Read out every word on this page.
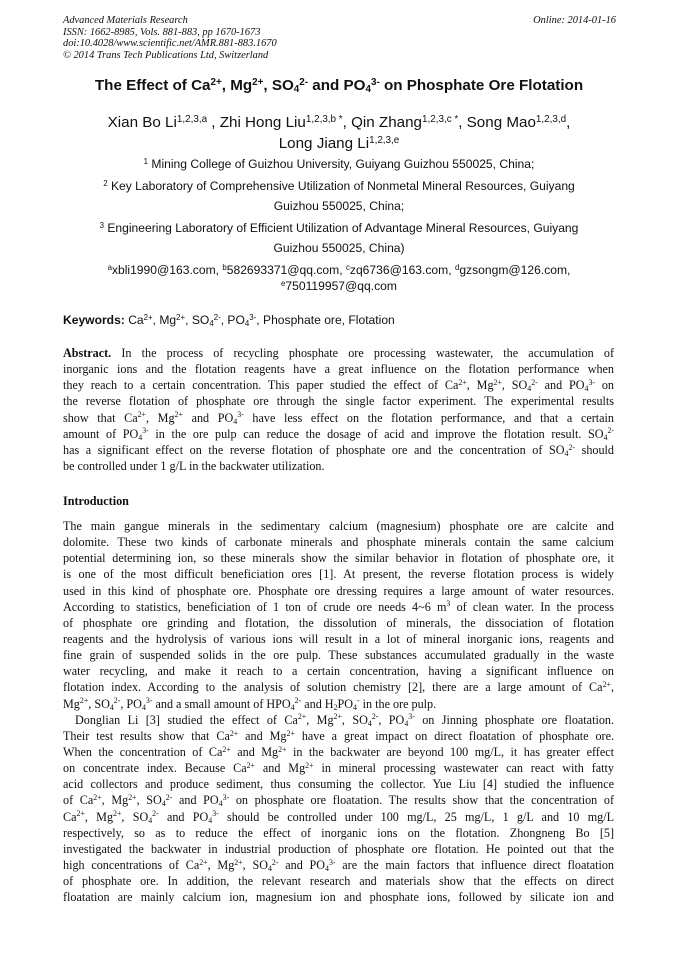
Advanced Materials Research
ISSN: 1662-8985, Vols. 881-883, pp 1670-1673
doi:10.4028/www.scientific.net/AMR.881-883.1670
© 2014 Trans Tech Publications Ltd, Switzerland
Online: 2014-01-16
The Effect of $Ca^{2+}$, $Mg^{2+}$, $SO_4^{2-}$ and $PO_4^{3-}$ on Phosphate Ore Flotation
Xian Bo Li$^{1,2,3,a}$ , Zhi Hong Liu$^{1,2,3,b *}$, Qin Zhang$^{1,2,3,c *}$, Song Mao$^{1,2,3,d}$,
Long Jiang Li$^{1,2,3,e}$
$^1$ Mining College of Guizhou University, Guiyang Guizhou 550025, China;
$^2$ Key Laboratory of Comprehensive Utilization of Nonmetal Mineral Resources, Guiyang
Guizhou 550025, China;
$^3$ Engineering Laboratory of Efficient Utilization of Advantage Mineral Resources, Guiyang
Guizhou 550025, China)
$^a$xbli1990@163.com, $^b$582693371@qq.com, $^c$zq6736@163.com, $^d$gzsongm@126.com,
$^e$750119957@qq.com
Keywords: $Ca^{2+}$, $Mg^{2+}$, $SO_4^{2-}$, $PO_4^{3-}$, Phosphate ore, Flotation
Abstract. In the process of recycling phosphate ore processing wastewater, the accumulation of
inorganic ions and the flotation reagents have a great influence on the flotation performance when
they reach to a certain concentration. This paper studied the effect of $Ca^{2+}$, $Mg^{2+}$, $SO_4^{2-}$ and $PO_4^{3-}$ on
the reverse flotation of phosphate ore through the single factor experiment. The experimental results
show that $Ca^{2+}$, $Mg^{2+}$ and $PO_4^{3-}$ have less effect on the flotation performance, and that a certain
amount of $PO_4^{3-}$ in the ore pulp can reduce the dosage of acid and improve the flotation result. $SO_4^{2-}$
has a significant effect on the reverse flotation of phosphate ore and the concentration of $SO_4^{2-}$ should
be controlled under 1 g/L in the backwater utilization.
Introduction
The main gangue minerals in the sedimentary calcium (magnesium) phosphate ore are calcite and
dolomite. These two kinds of carbonate minerals and phosphate minerals contain the same calcium
potential determining ion, so these minerals show the similar behavior in flotation of phosphate ore, it
is one of the most difficult beneficiation ores [1]. At present, the reverse flotation process is widely
used in this kind of phosphate ore. Phosphate ore dressing requires a large amount of water resources.
According to statistics, beneficiation of 1 ton of crude ore needs 4~6 $m^3$ of clean water. In the process
of phosphate ore grinding and flotation, the dissolution of minerals, the dissociation of flotation
reagents and the hydrolysis of various ions will result in a lot of mineral inorganic ions, reagents and
fine grain of suspended solids in the ore pulp. These substances accumulated gradually in the waste
water recycling, and make it reach to a certain concentration, having a significant influence on
flotation index. According to the analysis of solution chemistry [2], there are a large amount of $Ca^{2+}$,
$Mg^{2+}$, $SO_4^{2-}$, $PO_4^{3-}$ and a small amount of $HPO_4^{2-}$ and $H_2PO_4^-$ in the ore pulp.
Donglian Li [3] studied the effect of $Ca^{2+}$, $Mg^{2+}$, $SO_4^{2-}$, $PO_4^{3-}$ on Jinning phosphate ore floatation.
Their test results show that $Ca^{2+}$ and $Mg^{2+}$ have a great impact on direct floatation of phosphate ore.
When the concentration of $Ca^{2+}$ and $Mg^{2+}$ in the backwater are beyond 100 mg/L, it has greater effect
on concentrate index. Because $Ca^{2+}$ and $Mg^{2+}$ in mineral processing wastewater can react with fatty
acid collectors and produce sediment, thus consuming the collector. Yue Liu [4] studied the influence
of $Ca^{2+}$, $Mg^{2+}$, $SO_4^{2-}$ and $PO_4^{3-}$ on phosphate ore floatation. The results show that the concentration of
$Ca^{2+}$, $Mg^{2+}$, $SO_4^{2-}$ and $PO_4^{3-}$ should be controlled under 100 mg/L, 25 mg/L, 1 g/L and 10 mg/L
respectively, so as to reduce the effect of inorganic ions on the flotation. Zhongneng Bo [5]
investigated the backwater in industrial production of phosphate ore flotation. He pointed out that the
high concentrations of $Ca^{2+}$, $Mg^{2+}$, $SO_4^{2-}$ and $PO_4^{3-}$ are the main factors that influence direct floatation
of phosphate ore. In addition, the relevant research and materials show that the effects on direct
floatation are mainly calcium ion, magnesium ion and phosphate ions, followed by silicate ion and
